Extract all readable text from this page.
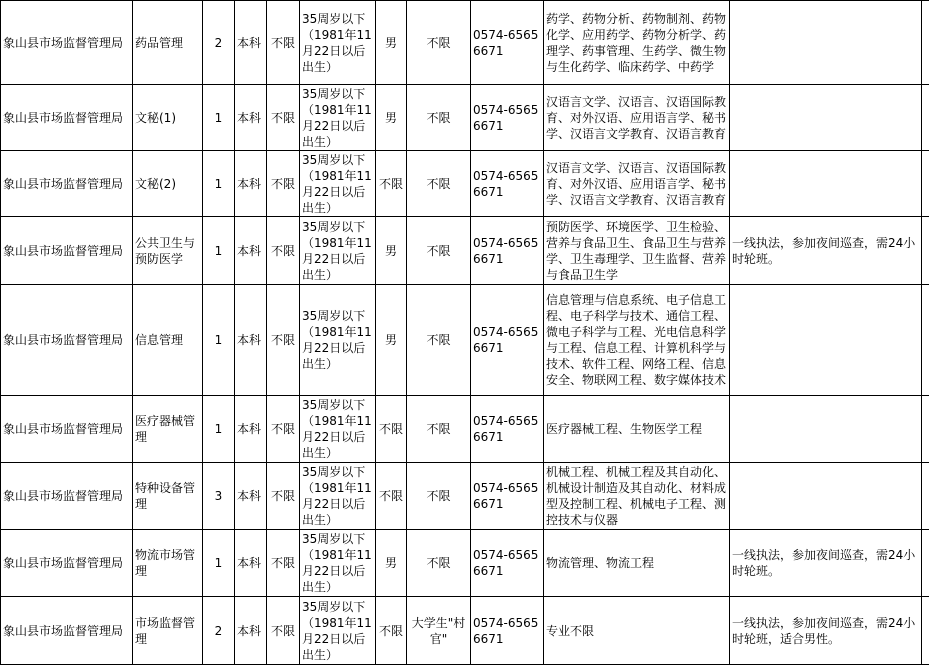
象山县市场监督管理局	药品管理	2	本科	不限	35周岁以下（1981年11月22日以后出生）	男	不限	0574-65656671	药学、药物分析、药物制剂、药物化学、应用药学、药物分析学、药理学、药事管理、生药学、微生物与生化药学、临床药学、中药学		
象山县市场监督管理局	文秘(1)	1	本科	不限	35周岁以下（1981年11月22日以后出生）	男	不限	0574-65656671	汉语言文学、汉语言、汉语国际教育、对外汉语、应用语言学、秘书学、汉语言文学教育、汉语言教育		
象山县市场监督管理局	文秘(2)	1	本科	不限	35周岁以下（1981年11月22日以后出生）	不限	不限	0574-65656671	汉语言文学、汉语言、汉语国际教育、对外汉语、应用语言学、秘书学、汉语言文学教育、汉语言教育		
象山县市场监督管理局	公共卫生与预防医学	1	本科	不限	35周岁以下（1981年11月22日以后出生）	男	不限	0574-65656671	预防医学、环境医学、卫生检验、营养与食品卫生、食品卫生与营养学、卫生毒理学、卫生监督、营养与食品卫生学	一线执法，参加夜间巡查，需24小时轮班。	
象山县市场监督管理局	信息管理	1	本科	不限	35周岁以下（1981年11月22日以后出生）	男	不限	0574-65656671	信息管理与信息系统、电子信息工程、电子科学与技术、通信工程、微电子科学与工程、光电信息科学与工程、信息工程、计算机科学与技术、软件工程、网络工程、信息安全、物联网工程、数字媒体技术		
象山县市场监督管理局	医疗器械管理	1	本科	不限	35周岁以下（1981年11月22日以后出生）	不限	不限	0574-65656671	医疗器械工程、生物医学工程		
象山县市场监督管理局	特种设备管理	3	本科	不限	35周岁以下（1981年11月22日以后出生）	不限	不限	0574-65656671	机械工程、机械工程及其自动化、机械设计制造及其自动化、材料成型及控制工程、机械电子工程、测控技术与仪器		
象山县市场监督管理局	物流市场管理	1	本科	不限	35周岁以下（1981年11月22日以后出生）	男	不限	0574-65656671	物流管理、物流工程	一线执法，参加夜间巡查，需24小时轮班。	
象山县市场监督管理局	市场监督管理	2	本科	不限	35周岁以下（1981年11月22日以后出生）	不限	大学生"村官"	0574-65656671	专业不限	一线执法，参加夜间巡查，需24小时轮班，适合男性。	
